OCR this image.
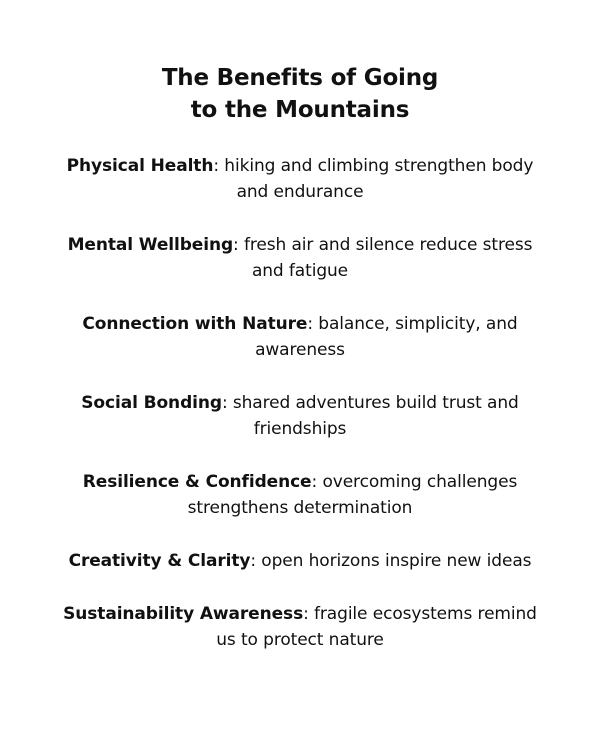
The Benefits of Going
to the Mountains
Physical Health: hiking and climbing strengthen body and endurance
Mental Wellbeing: fresh air and silence reduce stress and fatigue
Connection with Nature: balance, simplicity, and awareness
Social Bonding: shared adventures build trust and friendships
Resilience & Confidence: overcoming challenges strengthens determination
Creativity & Clarity: open horizons inspire new ideas
Sustainability Awareness: fragile ecosystems remind us to protect nature
